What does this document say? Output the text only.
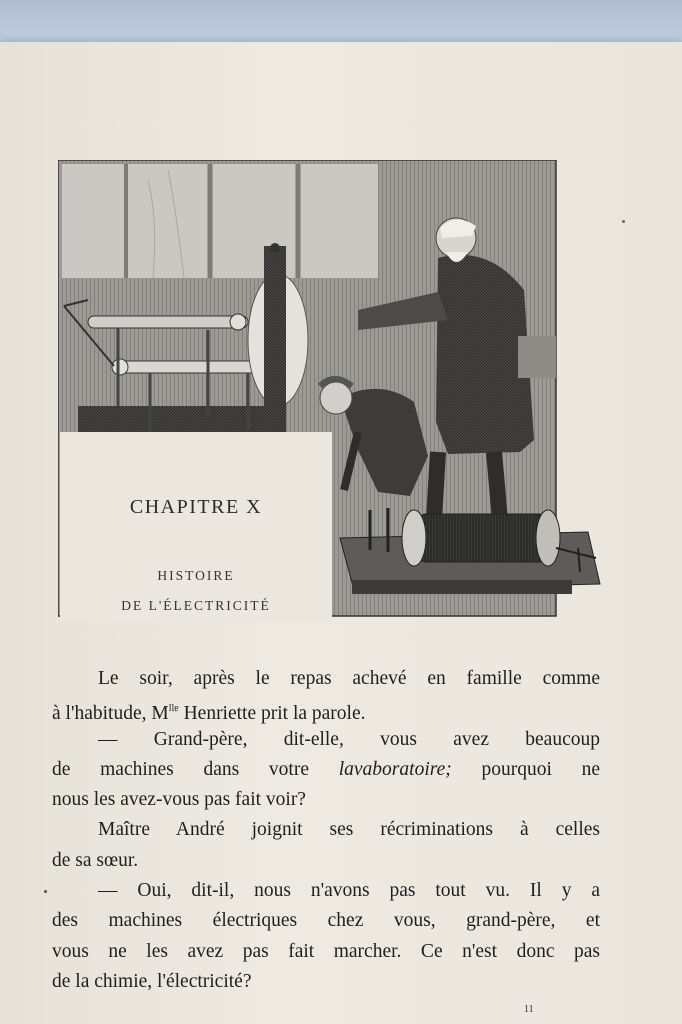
CHAPITRE X
HISTOIRE
DE L'ÉLECTRICITÉ
Le soir, après le repas achevé en famille comme
à l'habitude, $M^{lle}$ Henriette prit la parole.
— Grand-père, dit-elle, vous avez beaucoup
de machines dans votre lavaboratoire; pourquoi ne
nous les avez-vous pas fait voir?
Maître André joignit ses récriminations à celles
de sa sœur.
— Oui, dit-il, nous n'avons pas tout vu. Il y a
des machines électriques chez vous, grand-père, et
vous ne les avez pas fait marcher. Ce n'est donc pas
de la chimie, l'électricité?
11
